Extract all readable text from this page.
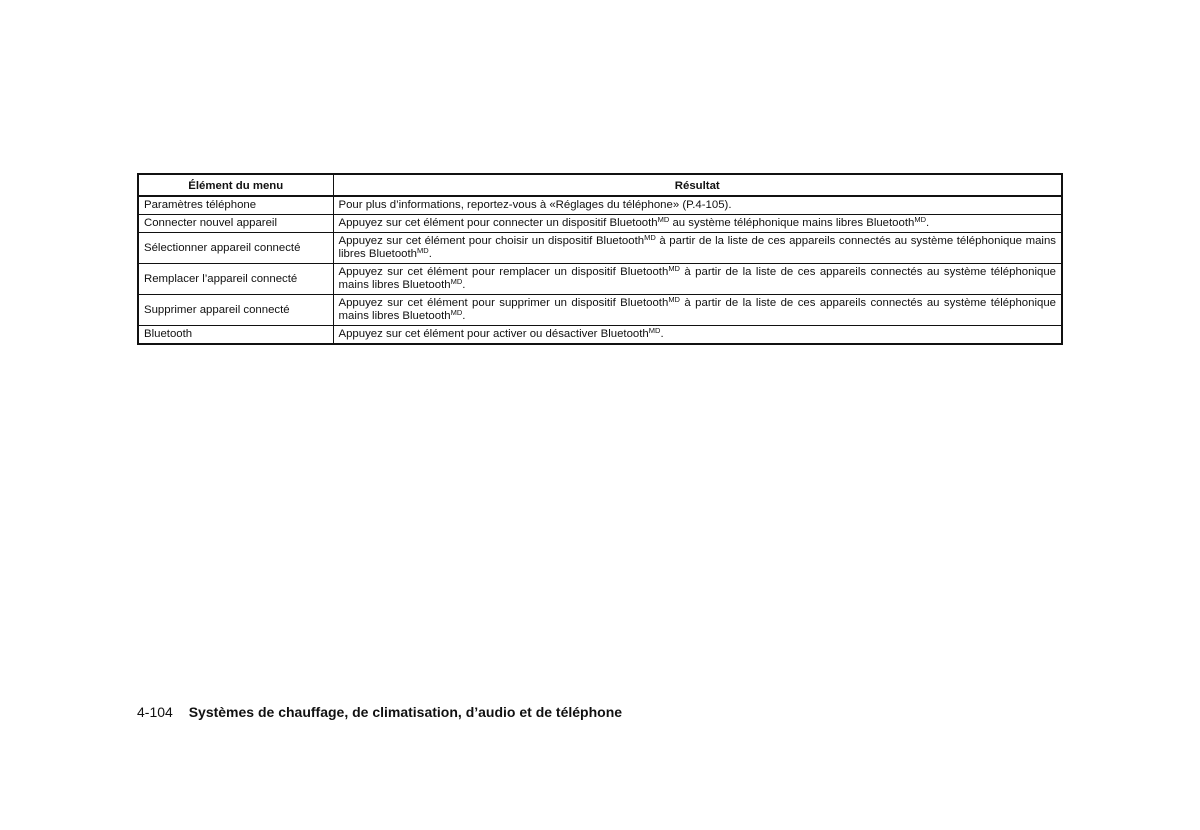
Élément du menu	Résultat
Paramètres téléphone	Pour plus d’informations, reportez-vous à «Réglages du téléphone» (P.4-105).

Connecter nouvel appareil	Appuyez sur cet élément pour connecter un dispositif Bluetooth$^{MD}$ au système téléphonique mains libres Bluetooth$^{MD}$.

Sélectionner appareil connecté	Appuyez sur cet élément pour choisir un dispositif Bluetooth$^{MD}$ à partir de la liste de ces appareils connectés au système téléphonique mains libres Bluetooth$^{MD}$.

Remplacer l’appareil connecté	Appuyez sur cet élément pour remplacer un dispositif Bluetooth$^{MD}$ à partir de la liste de ces appareils connectés au système téléphonique mains libres Bluetooth$^{MD}$.

Supprimer appareil connecté	Appuyez sur cet élément pour supprimer un dispositif Bluetooth$^{MD}$ à partir de la liste de ces appareils connectés au système téléphonique mains libres Bluetooth$^{MD}$.

Bluetooth	Appuyez sur cet élément pour activer ou désactiver Bluetooth$^{MD}$.
4-104 Systèmes de chauffage, de climatisation, d’audio et de téléphone
